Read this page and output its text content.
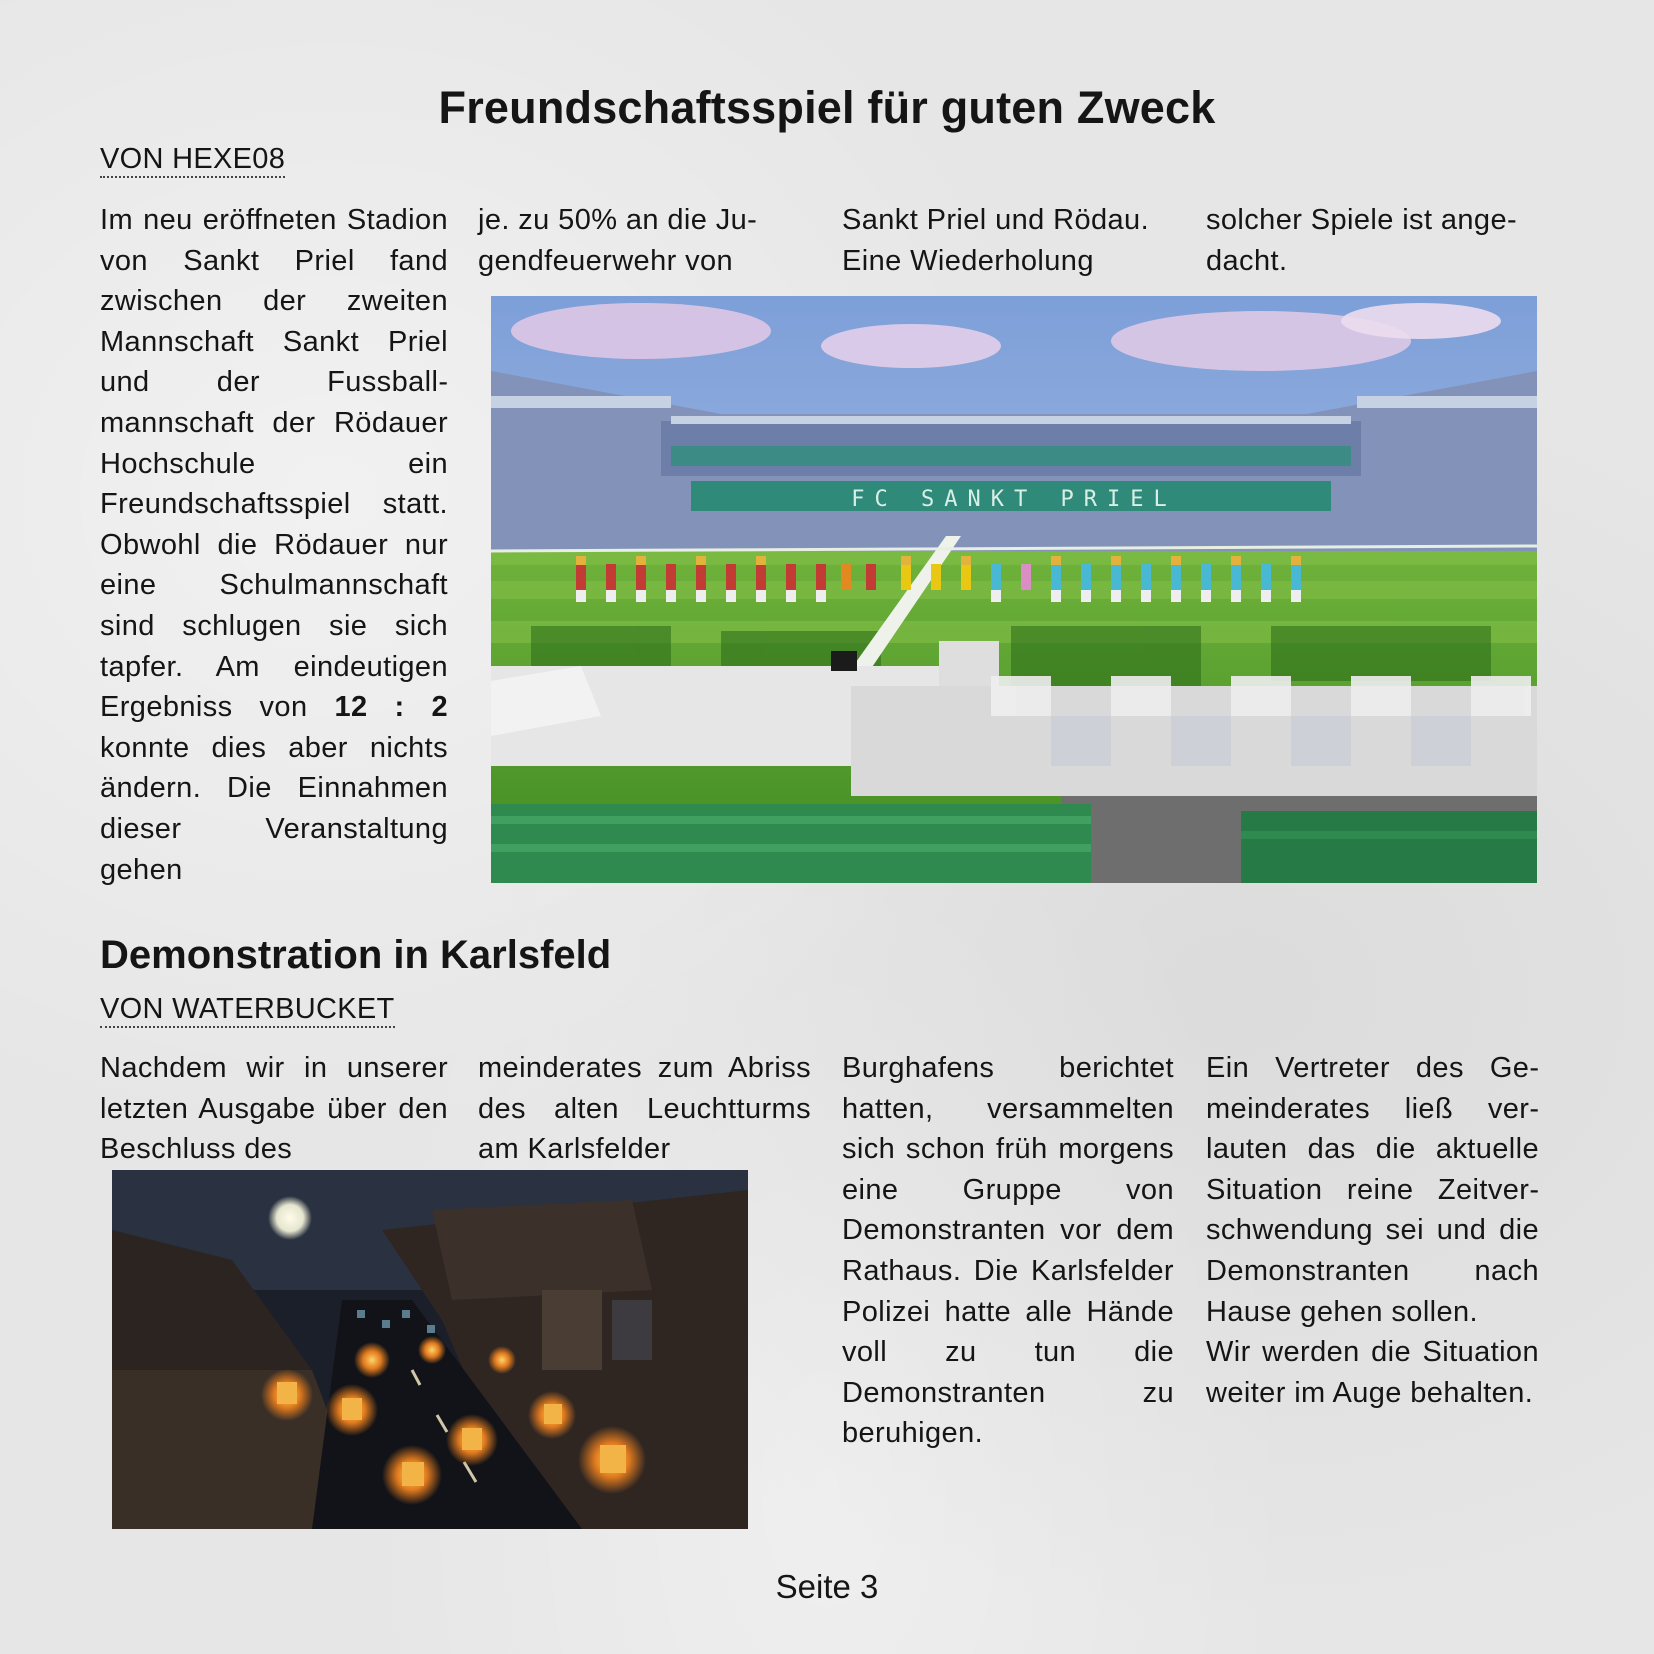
Freundschaftsspiel für guten Zweck
VON HEXE08

Im neu eröffneten Stadion von Sankt Priel fand zwischen der zweiten Mannschaft Sankt Priel und der Fussballmannschaft der Rödauer Hochschule ein Freundschaftsspiel statt. Obwohl die Rödauer nur eine Schulmannschaft sind schlugen sie sich tapfer. Am eindeutigen Ergebniss von 12 : 2 konnte dies aber nichts ändern. Die Einnahmen dieser Veranstaltung gehen

je. zu 50% an die Jugendfeuerwehr von

Sankt Priel und Rödau. Eine Wiederholung

solcher Spiele ist angedacht.

FC SANKT PRIEL
Demonstration in Karlsfeld
VON WATERBUCKET

Nachdem wir in unserer letzten Ausgabe über den Beschluss des

meinderates zum Abriss des alten Leuchtturms am Karlsfelder

Burghafens berichtet hatten, versammelten sich schon früh morgens eine Gruppe von Demonstranten vor dem Rathaus. Die Karlsfelder Polizei hatte alle Hände voll zu tun die Demonstranten zu beruhigen.

Ein Vertreter des Gemeinderates ließ verlauten das die aktuelle Situation reine Zeitverschwendung sei und die Demonstranten nach Hause gehen sollen.

Wir werden die Situation weiter im Auge behalten.

Seite 3
